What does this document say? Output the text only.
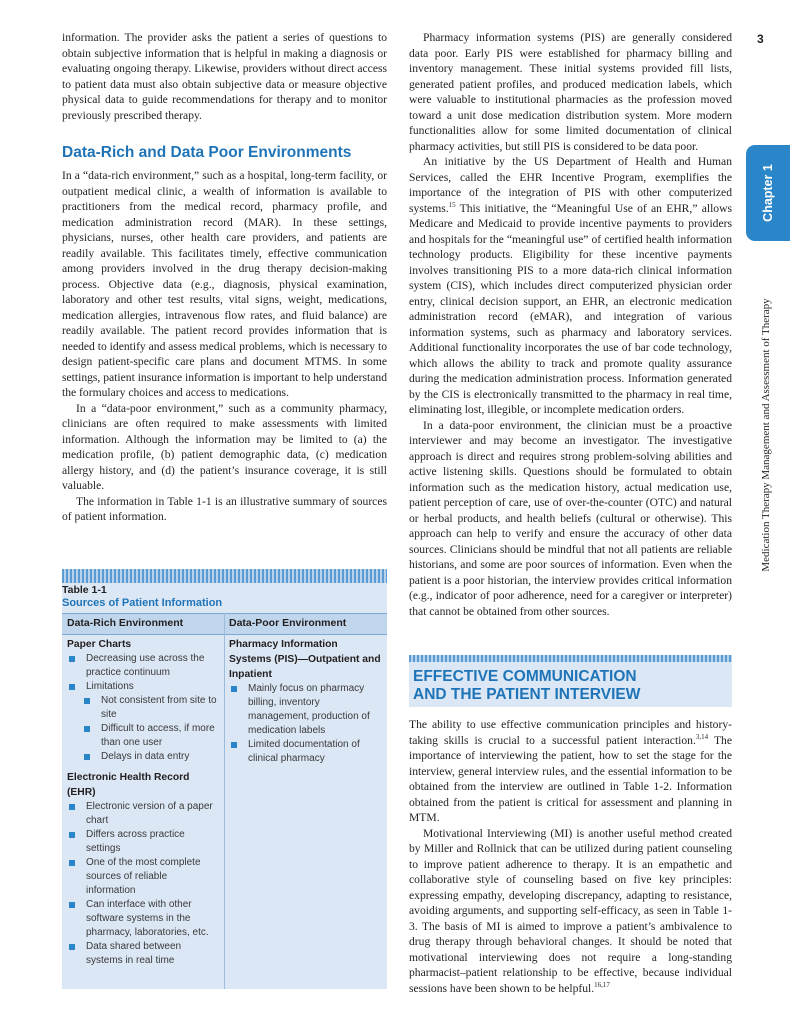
3
Chapter 1
Medication Therapy Management and Assessment of Therapy

information. The provider asks the patient a series of questions to obtain subjective information that is helpful in making a diagnosis or evaluating ongoing therapy. Likewise, providers without direct access to patient data must also obtain subjective data or measure objective physical data to guide recommendations for therapy and to monitor previously prescribed therapy.

Data-Rich and Data Poor Environments

In a “data-rich environment,” such as a hospital, long-term facility, or outpatient medical clinic, a wealth of information is available to practitioners from the medical record, pharmacy profile, and medication administration record (MAR). In these settings, physicians, nurses, other health care providers, and patients are readily available. This facilitates timely, effective communication among providers involved in the drug therapy decision-making process. Objective data (e.g., diagnosis, physical examination, laboratory and other test results, vital signs, weight, medications, medication allergies, intravenous flow rates, and fluid balance) are readily available. The patient record provides information that is needed to identify and assess medical problems, which is necessary to design patient-specific care plans and document MTMS. In some settings, patient insurance information is important to help understand the formulary choices and access to medications.

In a “data-poor environment,” such as a community pharmacy, clinicians are often required to make assessments with limited information. Although the information may be limited to (a) the medication profile, (b) patient demographic data, (c) medication allergy history, and (d) the patient’s insurance coverage, it is still valuable.

The information in Table 1-1 is an illustrative summary of sources of patient information.

Table 1-1
Sources of Patient Information
Data-Rich Environment	Data-Poor Environment
Paper Charts
Decreasing use across the practice continuum
Limitations
Not consistent from site to site
Difficult to access, if more than one user
Delays in data entry
Electronic Health Record (EHR)
Electronic version of a paper chart
Differs across practice settings
One of the most complete sources of reliable information
Can interface with other software systems in the pharmacy, laboratories, etc.
Data shared between systems in real time
Pharmacy Information Systems (PIS)—Outpatient and Inpatient
Mainly focus on pharmacy billing, inventory management, production of medication labels
Limited documentation of clinical pharmacy

Pharmacy information systems (PIS) are generally considered data poor. Early PIS were established for pharmacy billing and inventory management. These initial systems provided fill lists, generated patient profiles, and produced medication labels, which were valuable to institutional pharmacies as the profession moved toward a unit dose medication distribution system. More modern functionalities allow for some limited documentation of clinical pharmacy activities, but still PIS is considered to be data poor.

An initiative by the US Department of Health and Human Services, called the EHR Incentive Program, exemplifies the importance of the integration of PIS with other computerized systems.$^{15}$ This initiative, the “Meaningful Use of an EHR,” allows Medicare and Medicaid to provide incentive payments to providers and hospitals for the “meaningful use” of certified health information technology products. Eligibility for these incentive payments involves transitioning PIS to a more data-rich clinical information system (CIS), which includes direct computerized physician order entry, clinical decision support, an EHR, an electronic medication administration record (eMAR), and integration of various information systems, such as pharmacy and laboratory services. Additional functionality incorporates the use of bar code technology, which allows the ability to track and promote quality assurance during the medication administration process. Information generated by the CIS is electronically transmitted to the pharmacy in real time, eliminating lost, illegible, or incomplete medication orders.

In a data-poor environment, the clinician must be a proactive interviewer and may become an investigator. The investigative approach is direct and requires strong problem-solving abilities and active listening skills. Questions should be formulated to obtain information such as the medication history, actual medication use, patient perception of care, use of over-the-counter (OTC) and natural or herbal products, and health beliefs (cultural or otherwise). This approach can help to verify and ensure the accuracy of other data sources. Clinicians should be mindful that not all patients are reliable historians, and some are poor sources of information. Even when the patient is a poor historian, the interview provides critical information (e.g., indicator of poor adherence, need for a caregiver or interpreter) that cannot be obtained from other sources.

EFFECTIVE COMMUNICATION
AND THE PATIENT INTERVIEW

The ability to use effective communication principles and history-taking skills is crucial to a successful patient interaction.$^{3,14}$ The importance of interviewing the patient, how to set the stage for the interview, general interview rules, and the essential information to be obtained from the interview are outlined in Table 1-2. Information obtained from the patient is critical for assessment and planning in MTM.

Motivational Interviewing (MI) is another useful method created by Miller and Rollnick that can be utilized during patient counseling to improve patient adherence to therapy. It is an empathetic and collaborative style of counseling based on five key principles: expressing empathy, developing discrepancy, adapting to resistance, avoiding arguments, and supporting self-efficacy, as seen in Table 1-3. The basis of MI is aimed to improve a patient’s ambivalence to drug therapy through behavioral changes. It should be noted that motivational interviewing does not require a long-standing pharmacist–patient relationship to be effective, because individual sessions have been shown to be helpful.$^{16,17}$
